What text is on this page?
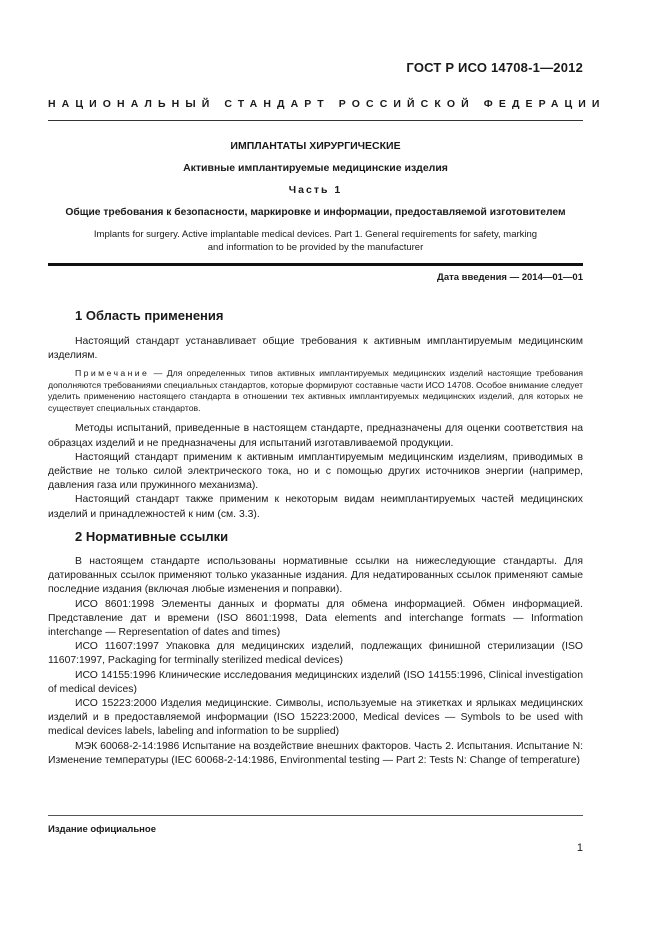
ГОСТ Р ИСО 14708-1—2012
НАЦИОНАЛЬНЫЙ СТАНДАРТ РОССИЙСКОЙ ФЕДЕРАЦИИ
ИМПЛАНТАТЫ ХИРУРГИЧЕСКИЕ
Активные имплантируемые медицинские изделия
Часть 1
Общие требования к безопасности, маркировке и информации, предоставляемой изготовителем
Implants for surgery. Active implantable medical devices. Part 1. General requirements for safety, marking and information to be provided by the manufacturer
Дата введения — 2014—01—01
1 Область применения

Настоящий стандарт устанавливает общие требования к активным имплантируемым медицинским изделиям.

Примечание — Для определенных типов активных имплантируемых медицинских изделий настоящие требования дополняются требованиями специальных стандартов, которые формируют составные части ИСО 14708. Особое внимание следует уделить применению настоящего стандарта в отношении тех активных имплантируемых медицинских изделий, для которых не существует специальных стандартов.

Методы испытаний, приведенные в настоящем стандарте, предназначены для оценки соответствия на образцах изделий и не предназначены для испытаний изготавливаемой продукции.

Настоящий стандарт применим к активным имплантируемым медицинским изделиям, приводимых в действие не только силой электрического тока, но и с помощью других источников энергии (например, давления газа или пружинного механизма).

Настоящий стандарт также применим к некоторым видам неимплантируемых частей медицинских изделий и принадлежностей к ним (см. 3.3).

2 Нормативные ссылки

В настоящем стандарте использованы нормативные ссылки на нижеследующие стандарты. Для датированных ссылок применяют только указанные издания. Для недатированных ссылок применяют самые последние издания (включая любые изменения и поправки).

ИСО 8601:1998 Элементы данных и форматы для обмена информацией. Обмен информацией. Представление дат и времени (ISO 8601:1998, Data elements and interchange formats — Information interchange — Representation of dates and times)

ИСО 11607:1997 Упаковка для медицинских изделий, подлежащих финишной стерилизации (ISO 11607:1997, Packaging for terminally sterilized medical devices)

ИСО 14155:1996 Клинические исследования медицинских изделий (ISO 14155:1996, Clinical investigation of medical devices)

ИСО 15223:2000 Изделия медицинские. Символы, используемые на этикетках и ярлыках медицинских изделий и в предоставляемой информации (ISO 15223:2000, Medical devices — Symbols to be used with medical devices labels, labeling and information to be supplied)

МЭК 60068-2-14:1986 Испытание на воздействие внешних факторов. Часть 2. Испытания. Испытание N: Изменение температуры (IEC 60068-2-14:1986, Environmental testing — Part 2: Tests N: Change of temperature)

Издание официальное
1
